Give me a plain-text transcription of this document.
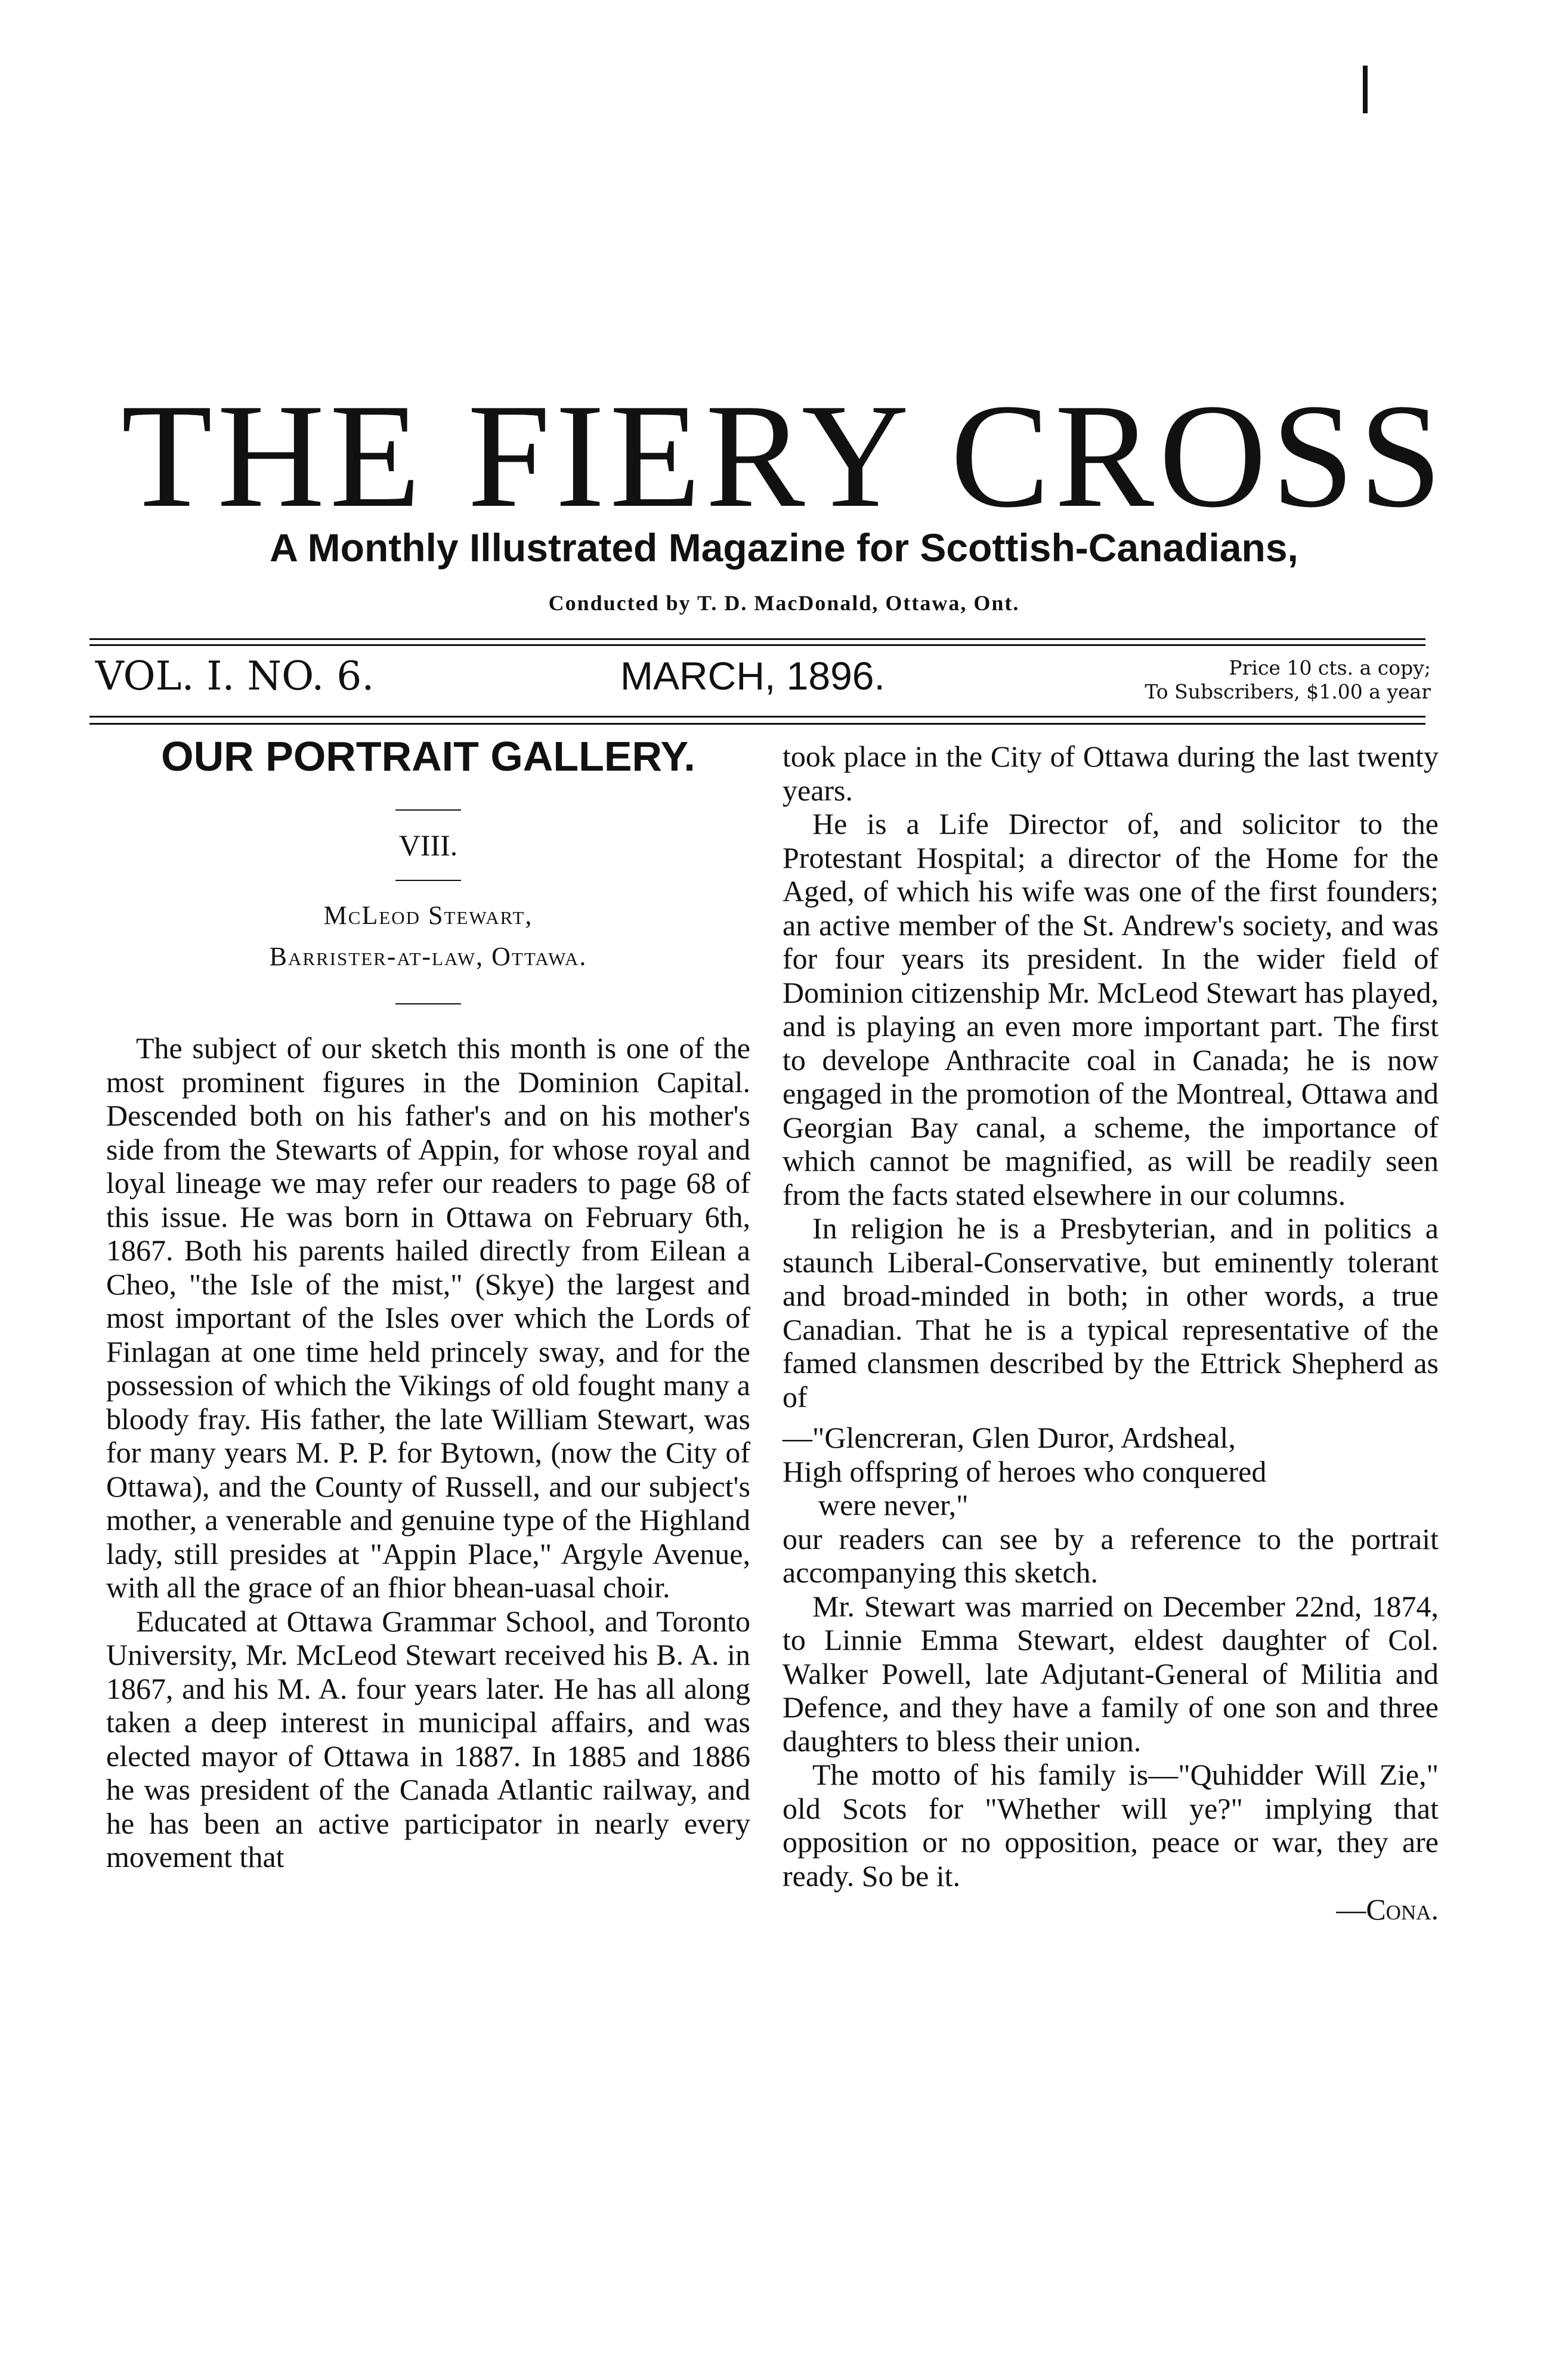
THE FIERY CROSS
A Monthly Illustrated Magazine for Scottish-Canadians,
Conducted by T. D. MacDonald, Ottawa, Ont.
VOL. I. NO. 6.	MARCH, 1896.	Price 10 cts. a copy;
To Subscribers, $1.00 a year

OUR PORTRAIT GALLERY.

VIII.

McLeod Stewart,

Barrister-at-law, Ottawa.

The subject of our sketch this month is one of the most prominent figures in the Dominion Capital. Descended both on his father's and on his mother's side from the Stewarts of Appin, for whose royal and loyal lineage we may refer our readers to page 68 of this issue. He was born in Ottawa on February 6th, 1867. Both his parents hailed directly from Eilean a Cheo, "the Isle of the mist," (Skye) the largest and most important of the Isles over which the Lords of Finlagan at one time held princely sway, and for the possession of which the Vikings of old fought many a bloody fray. His father, the late William Stewart, was for many years M. P. P. for Bytown, (now the City of Ottawa), and the County of Russell, and our subject's mother, a venerable and genuine type of the Highland lady, still presides at "Appin Place," Argyle Avenue, with all the grace of an fhior bhean-uasal choir.

Educated at Ottawa Grammar School, and Toronto University, Mr. McLeod Stewart received his B. A. in 1867, and his M. A. four years later. He has all along taken a deep interest in municipal affairs, and was elected mayor of Ottawa in 1887. In 1885 and 1886 he was president of the Canada Atlantic railway, and he has been an active participator in nearly every movement that

took place in the City of Ottawa during the last twenty years.

He is a Life Director of, and solicitor to the Protestant Hospital; a director of the Home for the Aged, of which his wife was one of the first founders; an active member of the St. Andrew's society, and was for four years its president. In the wider field of Dominion citizenship Mr. McLeod Stewart has played, and is playing an even more important part. The first to develope Anthracite coal in Canada; he is now engaged in the promotion of the Montreal, Ottawa and Georgian Bay canal, a scheme, the importance of which cannot be magnified, as will be readily seen from the facts stated elsewhere in our columns.

In religion he is a Presbyterian, and in politics a staunch Liberal-Conservative, but eminently tolerant and broad-minded in both; in other words, a true Canadian. That he is a typical representative of the famed clansmen described by the Ettrick Shepherd as of

—"Glencreran, Glen Duror, Ardsheal,

High offspring of heroes who conquered

were never,"

our readers can see by a reference to the portrait accompanying this sketch.

Mr. Stewart was married on December 22nd, 1874, to Linnie Emma Stewart, eldest daughter of Col. Walker Powell, late Adjutant-General of Militia and Defence, and they have a family of one son and three daughters to bless their union.

The motto of his family is—"Quhidder Will Zie," old Scots for "Whether will ye?" implying that opposition or no opposition, peace or war, they are ready. So be it.

—Cona.
